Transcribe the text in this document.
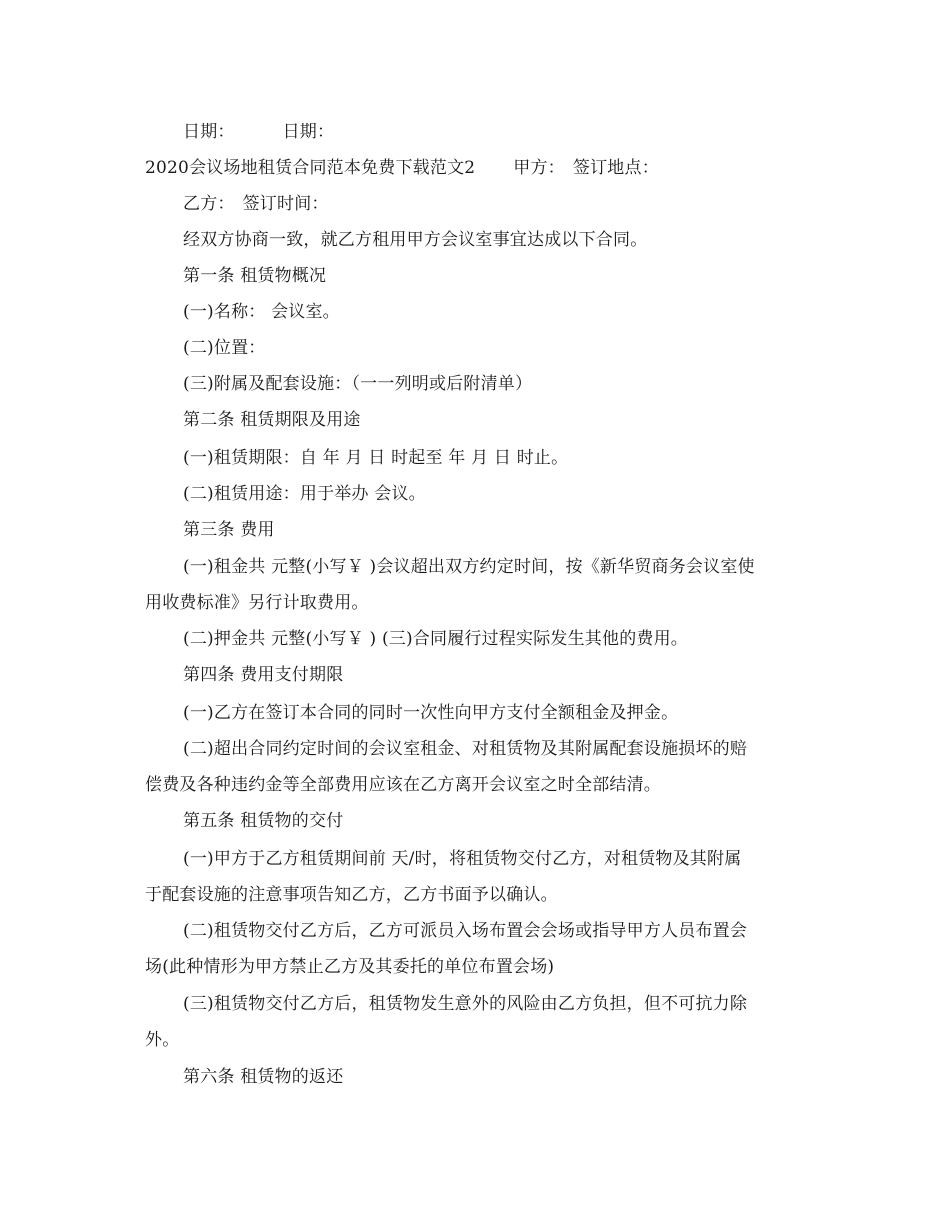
日期：	日期：
2020会议场地租赁合同范本免费下载范文2 甲方： 签订地点：
乙方： 签订时间：
经双方协商一致，就乙方租用甲方会议室事宜达成以下合同。
第一条 租赁物概况
(一)名称： 会议室。
(二)位置：
(三)附属及配套设施：（一一列明或后附清单）
第二条 租赁期限及用途
(一)租赁期限：自 年 月 日 时起至 年 月 日 时止。
(二)租赁用途：用于举办 会议。
第三条 费用
(一)租金共 元整(小写￥ )会议超出双方约定时间，按《新华贸商务会议室使
用收费标准》另行计取费用。
(二)押金共 元整(小写￥ ) (三)合同履行过程实际发生其他的费用。
第四条 费用支付期限
(一)乙方在签订本合同的同时一次性向甲方支付全额租金及押金。
(二)超出合同约定时间的会议室租金、对租赁物及其附属配套设施损坏的赔
偿费及各种违约金等全部费用应该在乙方离开会议室之时全部结清。
第五条 租赁物的交付
(一)甲方于乙方租赁期间前 天/时，将租赁物交付乙方，对租赁物及其附属
于配套设施的注意事项告知乙方，乙方书面予以确认。
(二)租赁物交付乙方后，乙方可派员入场布置会会场或指导甲方人员布置会
场(此种情形为甲方禁止乙方及其委托的单位布置会场)
(三)租赁物交付乙方后，租赁物发生意外的风险由乙方负担，但不可抗力除
外。
第六条 租赁物的返还
